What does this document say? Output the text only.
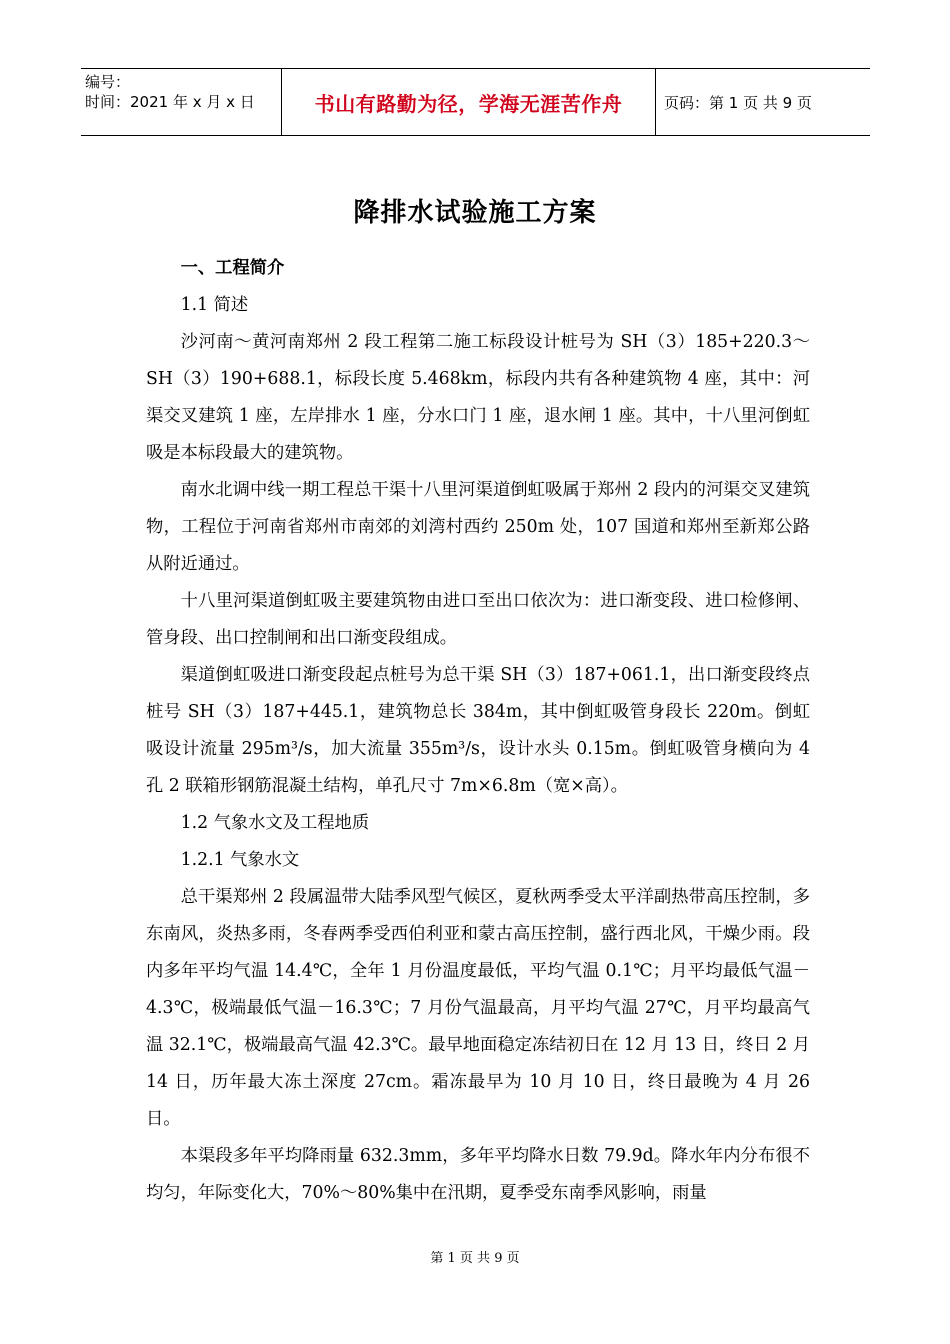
编号：
时间：2021 年 x 月 x 日	书山有路勤为径，学海无涯苦作舟	页码：第 1 页 共 9 页
降排水试验施工方案

一、工程简介

1.1 简述

沙河南～黄河南郑州 2 段工程第二施工标段设计桩号为 SH（3）185+220.3～SH（3）190+688.1，标段长度 5.468km，标段内共有各种建筑物 4 座，其中：河渠交叉建筑 1 座，左岸排水 1 座，分水口门 1 座，退水闸 1 座。其中，十八里河倒虹吸是本标段最大的建筑物。

南水北调中线一期工程总干渠十八里河渠道倒虹吸属于郑州 2 段内的河渠交叉建筑物，工程位于河南省郑州市南郊的刘湾村西约 250m 处，107 国道和郑州至新郑公路从附近通过。

十八里河渠道倒虹吸主要建筑物由进口至出口依次为：进口渐变段、进口检修闸、管身段、出口控制闸和出口渐变段组成。

渠道倒虹吸进口渐变段起点桩号为总干渠 SH（3）187+061.1，出口渐变段终点桩号 SH（3）187+445.1，建筑物总长 384m，其中倒虹吸管身段长 220m。倒虹吸设计流量 295m³/s，加大流量 355m³/s，设计水头 0.15m。倒虹吸管身横向为 4 孔 2 联箱形钢筋混凝土结构，单孔尺寸 7m×6.8m（宽×高）。

1.2 气象水文及工程地质

1.2.1 气象水文

总干渠郑州 2 段属温带大陆季风型气候区，夏秋两季受太平洋副热带高压控制，多东南风，炎热多雨，冬春两季受西伯利亚和蒙古高压控制，盛行西北风，干燥少雨。段内多年平均气温 14.4℃，全年 1 月份温度最低，平均气温 0.1℃；月平均最低气温－4.3℃，极端最低气温－16.3℃；7 月份气温最高，月平均气温 27℃，月平均最高气温 32.1℃，极端最高气温 42.3℃。最早地面稳定冻结初日在 12 月 13 日，终日 2 月 14 日，历年最大冻土深度 27cm。霜冻最早为 10 月 10 日，终日最晚为 4 月 26 日。

本渠段多年平均降雨量 632.3mm，多年平均降水日数 79.9d。降水年内分布很不均匀，年际变化大，70%～80%集中在汛期，夏季受东南季风影响，雨量

第 1 页 共 9 页
